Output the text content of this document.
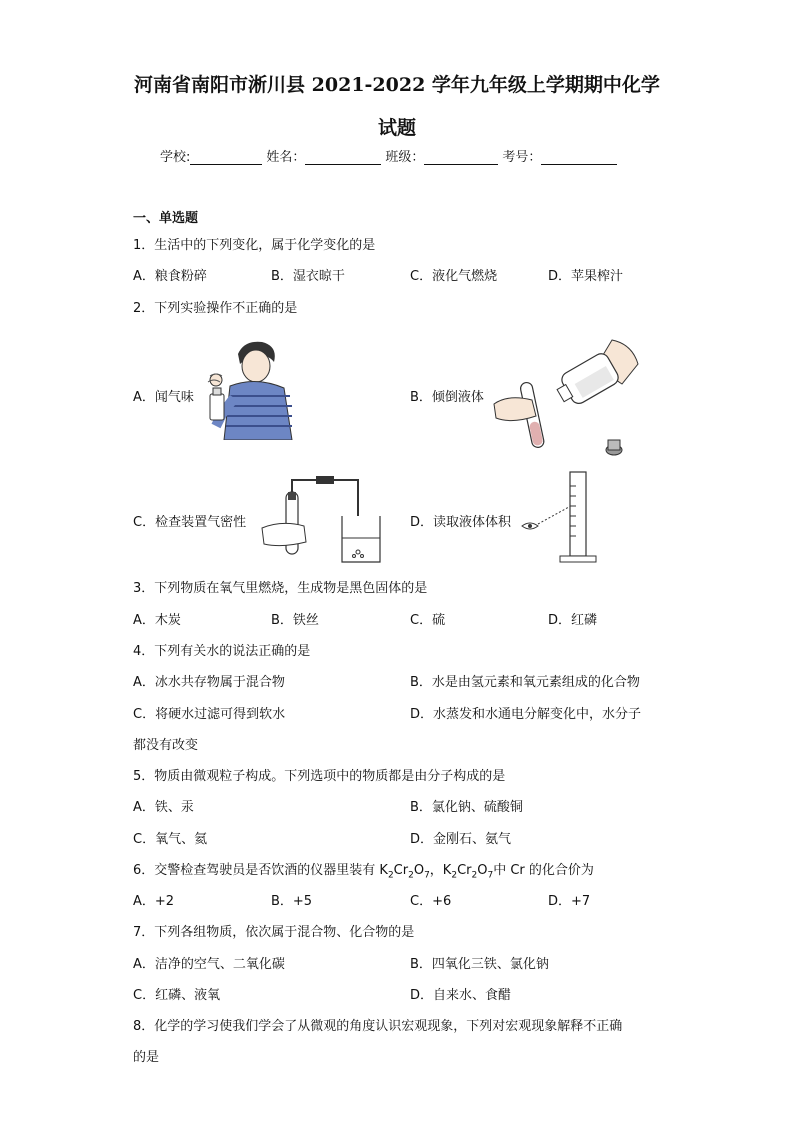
河南省南阳市淅川县 2021-2022 学年九年级上学期期中化学
试题
学校:	姓名：	班级：	考号：
一、单选题
1．生活中的下列变化，属于化学变化的是
A．粮食粉碎	B．湿衣晾干	C．液化气燃烧	D．苹果榨汁
2．下列实验操作不正确的是
A．闻气味	B．倾倒液体
C．检查装置气密性	D．读取液体体积
3．下列物质在氧气里燃烧，生成物是黑色固体的是
A．木炭	B．铁丝	C．硫	D．红磷
4．下列有关水的说法正确的是
A．冰水共存物属于混合物	B．水是由氢元素和氧元素组成的化合物
C．将硬水过滤可得到软水	D．水蒸发和水通电分解变化中，水分子
都没有改变
5．物质由微观粒子构成。下列选项中的物质都是由分子构成的是
A．铁、汞	B．氯化钠、硫酸铜
C．氧气、氦	D．金刚石、氨气
6．交警检查驾驶员是否饮酒的仪器里装有 $K_2Cr_2O_7$，$K_2Cr_2O_7$中 Cr 的化合价为
A．+2	B．+5	C．+6	D．+7
7．下列各组物质，依次属于混合物、化合物的是
A．洁净的空气、二氧化碳	B．四氧化三铁、氯化钠
C．红磷、液氧	D．自来水、食醋
8．化学的学习使我们学会了从微观的角度认识宏观现象，下列对宏观现象解释不正确
的是
